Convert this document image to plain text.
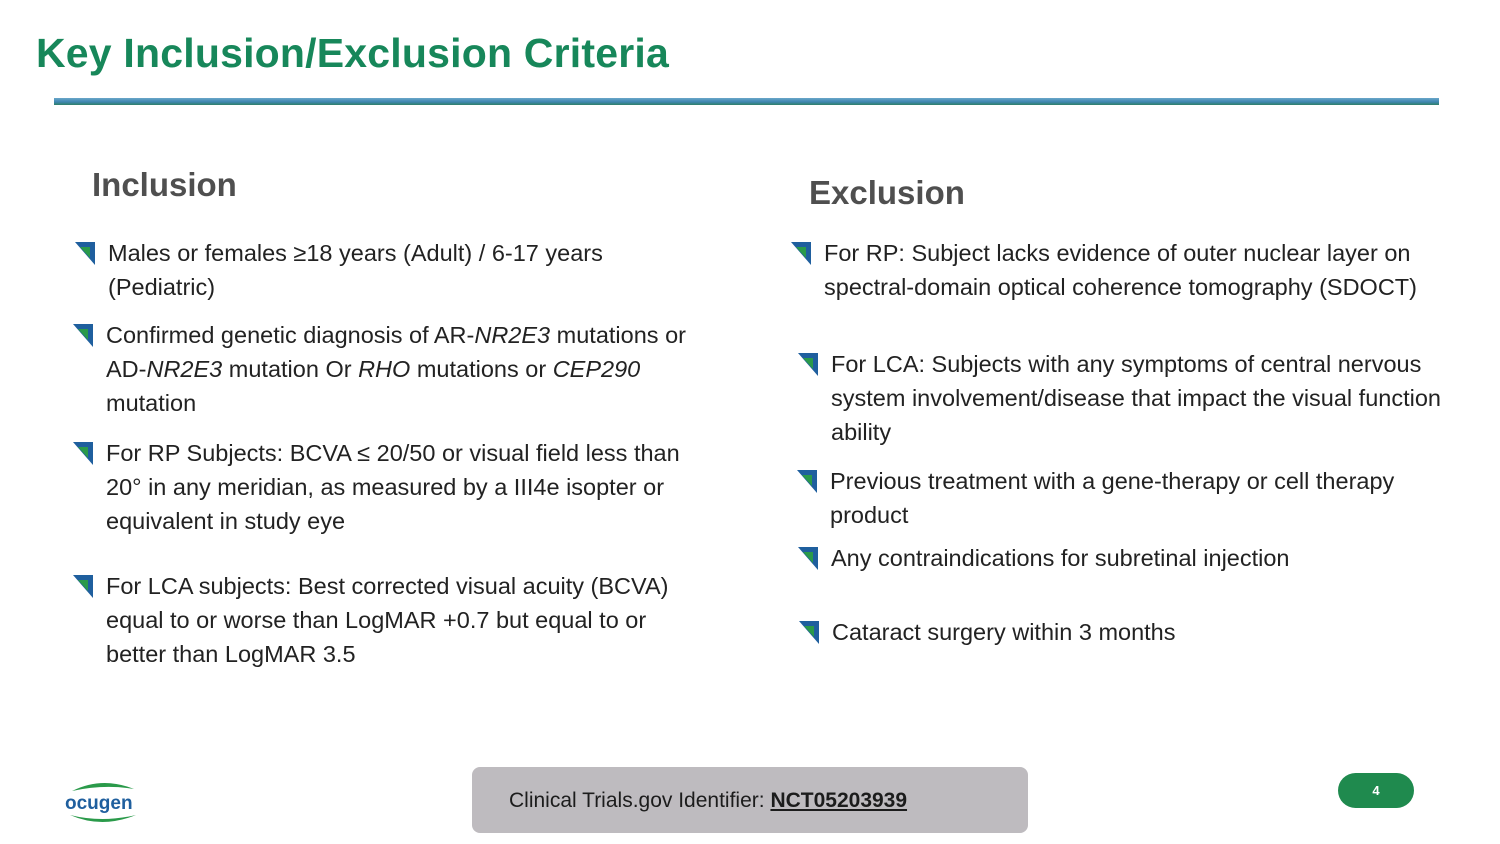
Key Inclusion/Exclusion Criteria
Inclusion	Exclusion
Males or females ≥18 years (Adult) / 6-17 years (Pediatric)
Confirmed genetic diagnosis of AR-NR2E3 mutations or AD-NR2E3 mutation Or RHO mutations or CEP290 mutation
For RP Subjects: BCVA ≤ 20/50 or visual field less than 20° in any meridian, as measured by a III4e isopter or equivalent in study eye
For LCA subjects: Best corrected visual acuity (BCVA) equal to or worse than LogMAR +0.7 but equal to or better than LogMAR 3.5
For RP: Subject lacks evidence of outer nuclear layer on spectral-domain optical coherence tomography (SDOCT)
For LCA: Subjects with any symptoms of central nervous system involvement/disease that impact the visual function ability
Previous treatment with a gene-therapy or cell therapy product
Any contraindications for subretinal injection
Cataract surgery within 3 months
ocugen	Clinical Trials.gov Identifier: NCT05203939	4
